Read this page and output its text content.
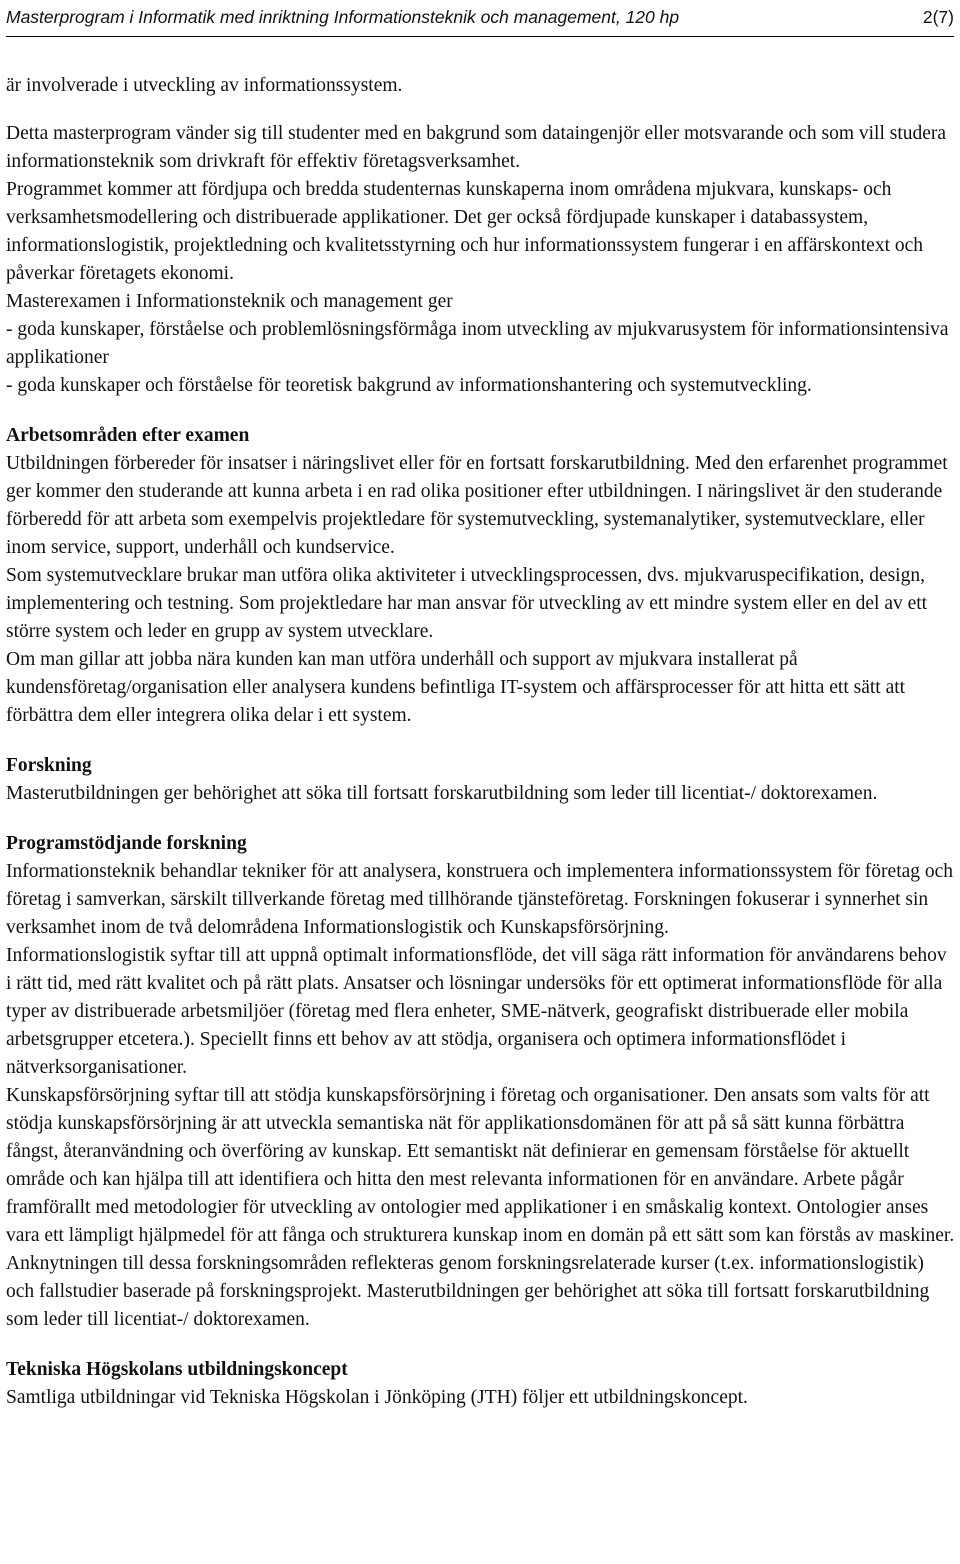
Masterprogram i Informatik med inriktning Informationsteknik och management, 120 hp	2(7)

är involverade i utveckling av informationssystem.

Detta masterprogram vänder sig till studenter med en bakgrund som dataingenjör eller motsvarande och som vill studera informationsteknik som drivkraft för effektiv företagsverksamhet.

Programmet kommer att fördjupa och bredda studenternas kunskaperna inom områdena mjukvara, kunskaps- och verksamhetsmodellering och distribuerade applikationer. Det ger också fördjupade kunskaper i databassystem, informationslogistik, projektledning och kvalitetsstyrning och hur informationssystem fungerar i en affärskontext och påverkar företagets ekonomi.

Masterexamen i Informationsteknik och management ger

- goda kunskaper, förståelse och problemlösningsförmåga inom utveckling av mjukvarusystem för informationsintensiva applikationer

- goda kunskaper och förståelse för teoretisk bakgrund av informationshantering och systemutveckling.

Arbetsområden efter examen

Utbildningen förbereder för insatser i näringslivet eller för en fortsatt forskarutbildning. Med den erfarenhet programmet ger kommer den studerande att kunna arbeta i en rad olika positioner efter utbildningen. I näringslivet är den studerande förberedd för att arbeta som exempelvis projektledare för systemutveckling, systemanalytiker, systemutvecklare, eller inom service, support, underhåll och kundservice.

Som systemutvecklare brukar man utföra olika aktiviteter i utvecklingsprocessen, dvs. mjukvaruspecifikation, design, implementering och testning. Som projektledare har man ansvar för utveckling av ett mindre system eller en del av ett större system och leder en grupp av system utvecklare.

Om man gillar att jobba nära kunden kan man utföra underhåll och support av mjukvara installerat på kundensföretag/organisation eller analysera kundens befintliga IT-system och affärsprocesser för att hitta ett sätt att förbättra dem eller integrera olika delar i ett system.

Forskning

Masterutbildningen ger behörighet att söka till fortsatt forskarutbildning som leder till licentiat-/ doktorexamen.

Programstödjande forskning

Informationsteknik behandlar tekniker för att analysera, konstruera och implementera informationssystem för företag och företag i samverkan, särskilt tillverkande företag med tillhörande tjänsteföretag. Forskningen fokuserar i synnerhet sin verksamhet inom de två delområdena Informationslogistik och Kunskapsförsörjning.

Informationslogistik syftar till att uppnå optimalt informationsflöde, det vill säga rätt information för användarens behov i rätt tid, med rätt kvalitet och på rätt plats. Ansatser och lösningar undersöks för ett optimerat informationsflöde för alla typer av distribuerade arbetsmiljöer (företag med flera enheter, SME-nätverk, geografiskt distribuerade eller mobila arbetsgrupper etcetera.). Speciellt finns ett behov av att stödja, organisera och optimera informationsflödet i nätverksorganisationer.

Kunskapsförsörjning syftar till att stödja kunskapsförsörjning i företag och organisationer. Den ansats som valts för att stödja kunskapsförsörjning är att utveckla semantiska nät för applikationsdomänen för att på så sätt kunna förbättra fångst, återanvändning och överföring av kunskap. Ett semantiskt nät definierar en gemensam förståelse för aktuellt område och kan hjälpa till att identifiera och hitta den mest relevanta informationen för en användare. Arbete pågår framförallt med metodologier för utveckling av ontologier med applikationer i en småskalig kontext. Ontologier anses vara ett lämpligt hjälpmedel för att fånga och strukturera kunskap inom en domän på ett sätt som kan förstås av maskiner.

Anknytningen till dessa forskningsområden reflekteras genom forskningsrelaterade kurser (t.ex. informationslogistik) och fallstudier baserade på forskningsprojekt. Masterutbildningen ger behörighet att söka till fortsatt forskarutbildning som leder till licentiat-/ doktorexamen.

Tekniska Högskolans utbildningskoncept

Samtliga utbildningar vid Tekniska Högskolan i Jönköping (JTH) följer ett utbildningskoncept.
